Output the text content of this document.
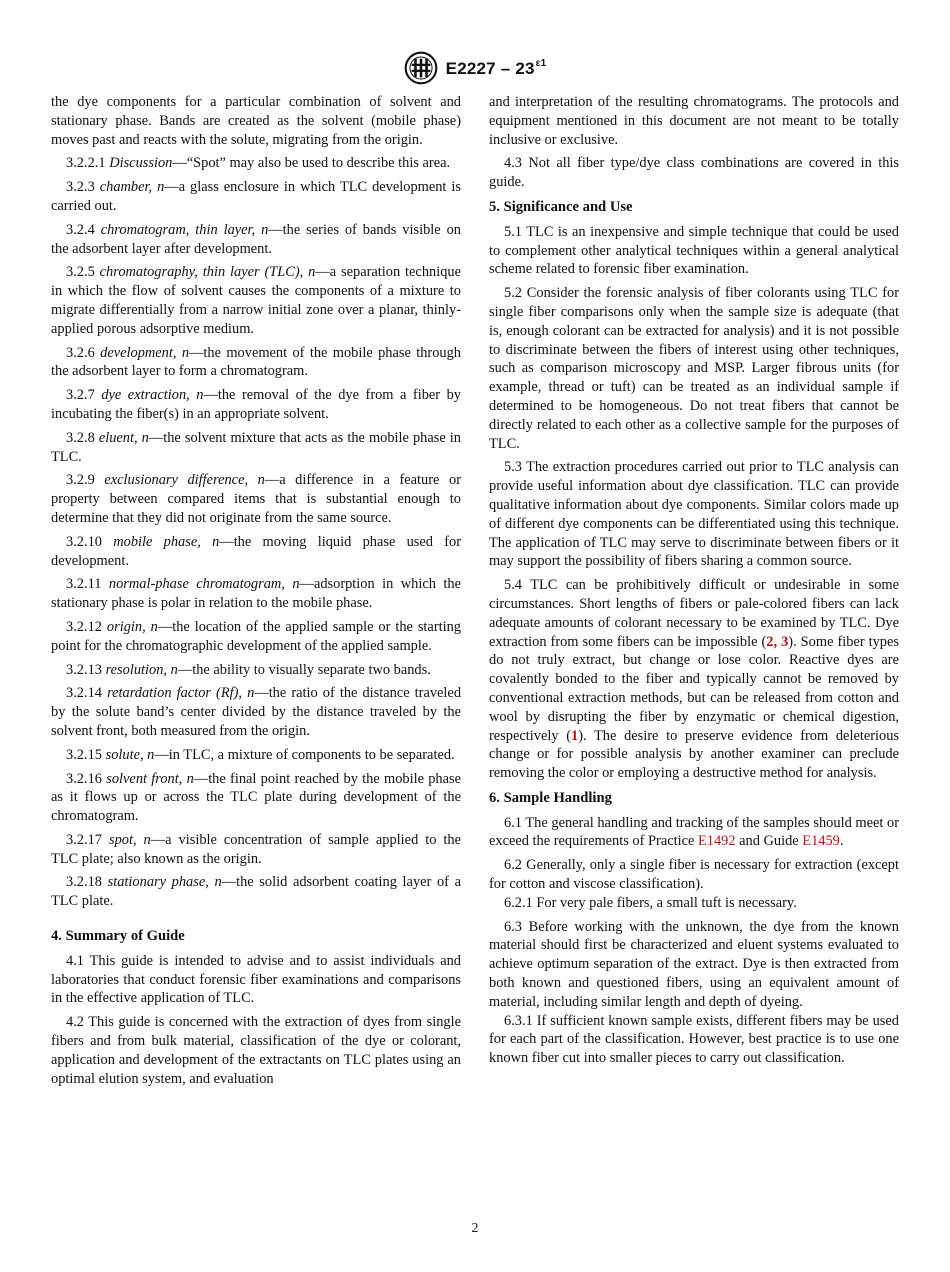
$E2227 - 23^{\varepsilon 1}$

the dye components for a particular combination of solvent and stationary phase. Bands are created as the solvent (mobile phase) moves past and reacts with the solute, migrating from the origin.

3.2.2.1 Discussion—“Spot” may also be used to describe this area.

3.2.3 chamber, n—a glass enclosure in which TLC development is carried out.

3.2.4 chromatogram, thin layer, n—the series of bands visible on the adsorbent layer after development.

3.2.5 chromatography, thin layer (TLC), n—a separation technique in which the flow of solvent causes the components of a mixture to migrate differentially from a narrow initial zone over a planar, thinly-applied porous adsorptive medium.

3.2.6 development, n—the movement of the mobile phase through the adsorbent layer to form a chromatogram.

3.2.7 dye extraction, n—the removal of the dye from a fiber by incubating the fiber(s) in an appropriate solvent.

3.2.8 eluent, n—the solvent mixture that acts as the mobile phase in TLC.

3.2.9 exclusionary difference, n—a difference in a feature or property between compared items that is substantial enough to determine that they did not originate from the same source.

3.2.10 mobile phase, n—the moving liquid phase used for development.

3.2.11 normal-phase chromatogram, n—adsorption in which the stationary phase is polar in relation to the mobile phase.

3.2.12 origin, n—the location of the applied sample or the starting point for the chromatographic development of the applied sample.

3.2.13 resolution, n—the ability to visually separate two bands.

3.2.14 retardation factor (Rf), n—the ratio of the distance traveled by the solute band’s center divided by the distance traveled by the solvent front, both measured from the origin.

3.2.15 solute, n—in TLC, a mixture of components to be separated.

3.2.16 solvent front, n—the final point reached by the mobile phase as it flows up or across the TLC plate during development of the chromatogram.

3.2.17 spot, n—a visible concentration of sample applied to the TLC plate; also known as the origin.

3.2.18 stationary phase, n—the solid adsorbent coating layer of a TLC plate.

4. Summary of Guide

4.1 This guide is intended to advise and to assist individuals and laboratories that conduct forensic fiber examinations and comparisons in the effective application of TLC.

4.2 This guide is concerned with the extraction of dyes from single fibers and from bulk material, classification of the dye or colorant, application and development of the extractants on TLC plates using an optimal elution system, and evaluation

and interpretation of the resulting chromatograms. The protocols and equipment mentioned in this document are not meant to be totally inclusive or exclusive.

4.3 Not all fiber type/dye class combinations are covered in this guide.

5. Significance and Use

5.1 TLC is an inexpensive and simple technique that could be used to complement other analytical techniques within a general analytical scheme related to forensic fiber examination.

5.2 Consider the forensic analysis of fiber colorants using TLC for single fiber comparisons only when the sample size is adequate (that is, enough colorant can be extracted for analysis) and it is not possible to discriminate between the fibers of interest using other techniques, such as comparison microscopy and MSP. Larger fibrous units (for example, thread or tuft) can be treated as an individual sample if determined to be homogeneous. Do not treat fibers that cannot be directly related to each other as a collective sample for the purposes of TLC.

5.3 The extraction procedures carried out prior to TLC analysis can provide useful information about dye classification. TLC can provide qualitative information about dye components. Similar colors made up of different dye components can be differentiated using this technique. The application of TLC may serve to discriminate between fibers or it may support the possibility of fibers sharing a common source.

5.4 TLC can be prohibitively difficult or undesirable in some circumstances. Short lengths of fibers or pale-colored fibers can lack adequate amounts of colorant necessary to be examined by TLC. Dye extraction from some fibers can be impossible (2, 3). Some fiber types do not truly extract, but change or lose color. Reactive dyes are covalently bonded to the fiber and typically cannot be removed by conventional extraction methods, but can be released from cotton and wool by disrupting the fiber by enzymatic or chemical digestion, respectively (1). The desire to preserve evidence from deleterious change or for possible analysis by another examiner can preclude removing the color or employing a destructive method for analysis.

6. Sample Handling

6.1 The general handling and tracking of the samples should meet or exceed the requirements of Practice E1492 and Guide E1459.

6.2 Generally, only a single fiber is necessary for extraction (except for cotton and viscose classification).

6.2.1 For very pale fibers, a small tuft is necessary.

6.3 Before working with the unknown, the dye from the known material should first be characterized and eluent systems evaluated to achieve optimum separation of the extract. Dye is then extracted from both known and questioned fibers, using an equivalent amount of material, including similar length and depth of dyeing.

6.3.1 If sufficient known sample exists, different fibers may be used for each part of the classification. However, best practice is to use one known fiber cut into smaller pieces to carry out classification.

2
